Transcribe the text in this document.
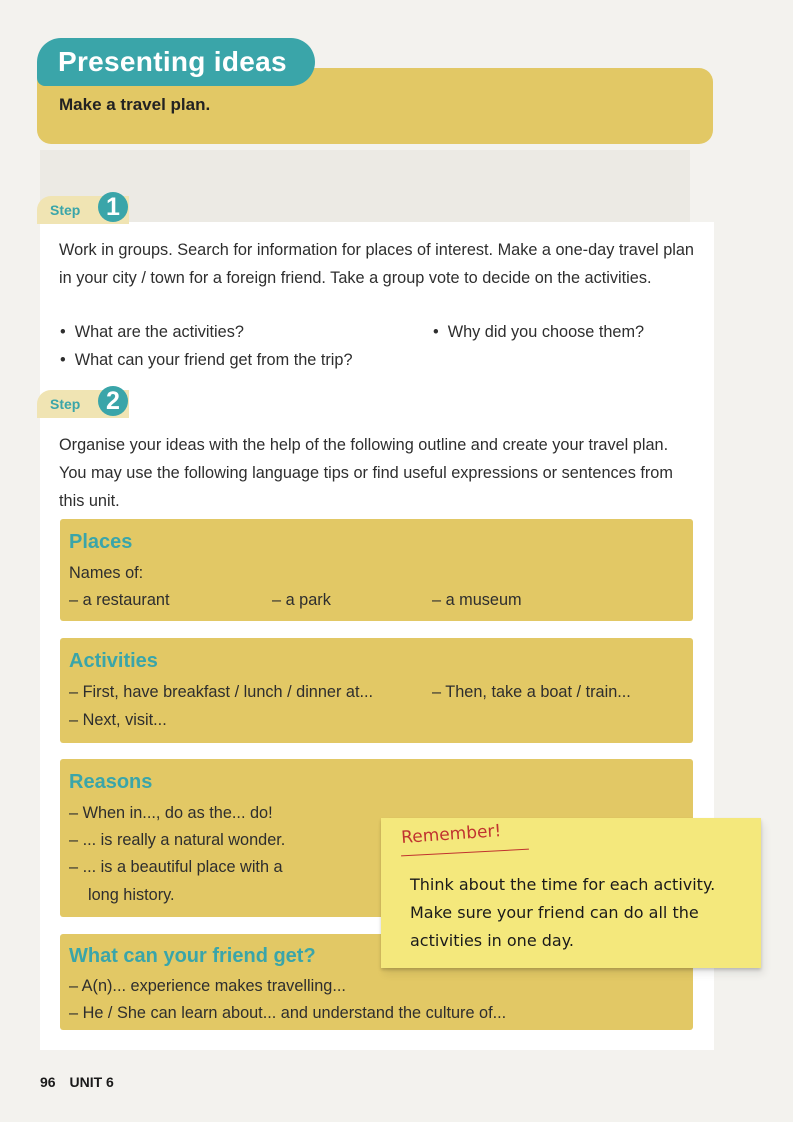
Presenting ideas
Make a travel plan.
Step	1
Work in groups. Search for information for places of interest. Make a one-day travel plan in your city / town for a foreign friend. Take a group vote to decide on the activities.
• What are the activities?
•	Why did you choose them?
• What can your friend get from the trip?
Step	2
Organise your ideas with the help of the following outline and create your travel plan. You may use the following language tips or find useful expressions or sentences from this unit.
Places
Names of:
– a restaurant	– a park	– a museum
Activities
– First, have breakfast / lunch / dinner at...	– Then, take a boat / train...
– Next, visit...
Reasons
– When in..., do as the... do!
– ... is really a natural wonder.
– ... is a beautiful place with a
long history.
What can your friend get?
– A(n)... experience makes travelling...
– He / She can learn about... and understand the culture of...
Remember!
Think about the time for each activity. Make sure your friend can do all the activities in one day.
96 UNIT 6
